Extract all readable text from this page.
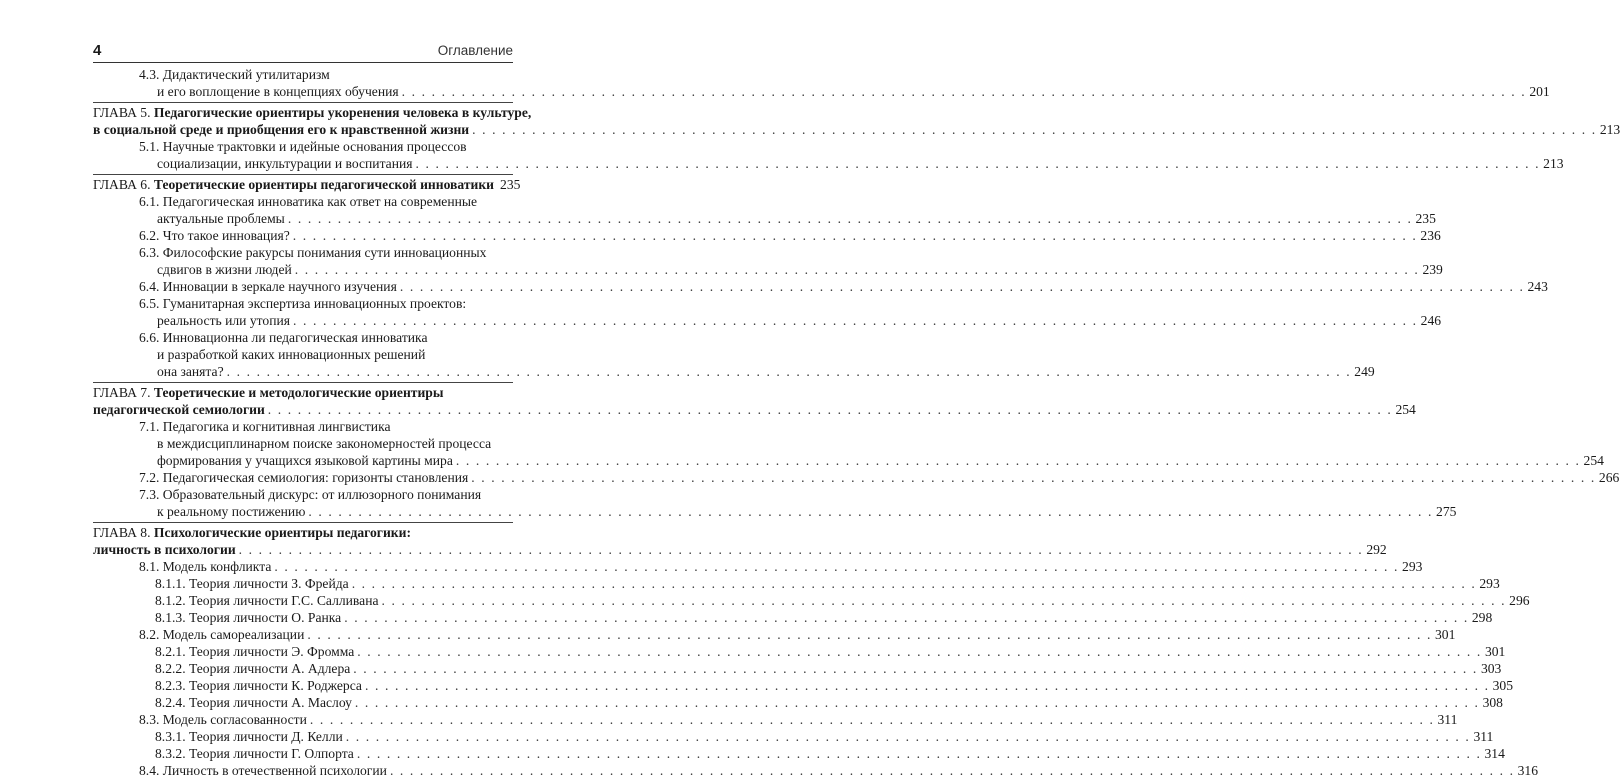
4	Оглавление
4.3. Дидактический утилитаризм
и его воплощение в концепциях обучения . . .	201
ГЛАВА 5. Педагогические ориентиры укоренения человека в культуре,
в социальной среде и приобщения его к нравственной жизни . . .	213
5.1. Научные трактовки и идейные основания процессов
социализации, инкультурации и воспитания . . .	213
ГЛАВА 6. Теоретические ориентиры педагогической инноватики 235
6.1. Педагогическая инноватика как ответ на современные
актуальные проблемы . . .	235
6.2. Что такое инновация? . . .	236
6.3. Философские ракурсы понимания сути инновационных
сдвигов в жизни людей . . .	239
6.4. Инновации в зеркале научного изучения . . .	243
6.5. Гуманитарная экспертиза инновационных проектов:
реальность или утопия . . .	246
6.6. Инновационна ли педагогическая инноватика
и разработкой каких инновационных решений
она занята? . . .	249
ГЛАВА 7. Теоретические и методологические ориентиры
педагогической семиологии . . .	254
7.1. Педагогика и когнитивная лингвистика
в междисциплинарном поиске закономерностей процесса
формирования у учащихся языковой картины мира . . .	254
7.2. Педагогическая семиология: горизонты становления . . .	266
7.3. Образовательный дискурс: от иллюзорного понимания
к реальному постижению . . .	275
ГЛАВА 8. Психологические ориентиры педагогики:
личность в психологии . . .	292
8.1. Модель конфликта . . .	293
8.1.1. Теория личности З. Фрейда . . .	293
8.1.2. Теория личности Г.С. Салливана . . .	296
8.1.3. Теория личности О. Ранка . . .	298
8.2. Модель самореализации . . .	301
8.2.1. Теория личности Э. Фромма . . .	301
8.2.2. Теория личности А. Адлера . . .	303
8.2.3. Теория личности К. Роджерса . . .	305
8.2.4. Теория личности А. Маслоу . . .	308
8.3. Модель согласованности . . .	311
8.3.1. Теория личности Д. Келли . . .	311
8.3.2. Теория личности Г. Олпорта . . .	314
8.4. Личность в отечественной психологии . . .	316
